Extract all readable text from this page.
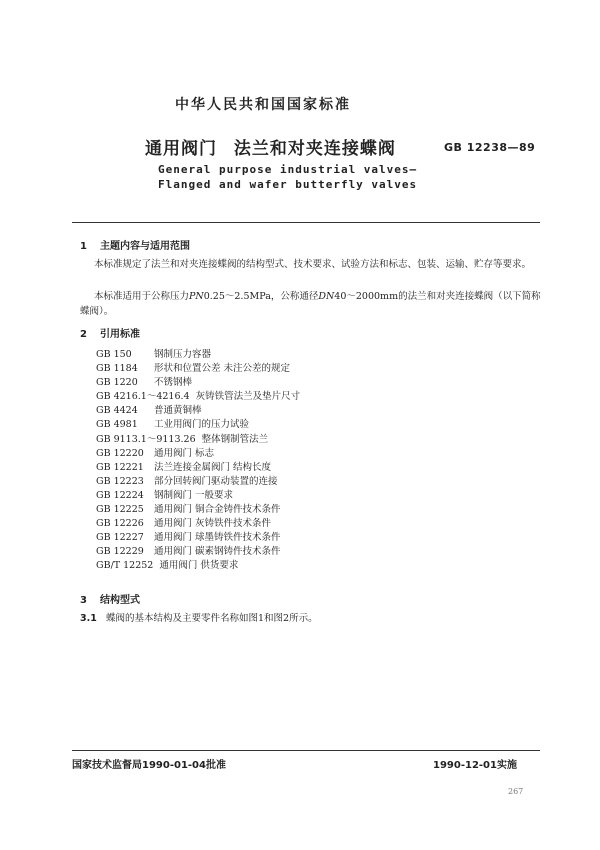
中华人民共和国国家标准
通用阀门 法兰和对夹连接蝶阀	GB 12238—89
General purpose industrial valves—
Flanged and wafer butterfly valves
1 主题内容与适用范围
本标准规定了法兰和对夹连接蝶阀的结构型式、技术要求、试验方法和标志、包装、运输、贮存等要求。
本标准适用于公称压力PN0.25～2.5MPa，公称通径DN40～2000mm的法兰和对夹连接蝶阀（以下简称蝶阀）。
2 引用标准
GB 150 钢制压力容器
GB 1184 形状和位置公差 未注公差的规定
GB 1220 不锈钢棒
GB 4216.1～4216.4 灰铸铁管法兰及垫片尺寸
GB 4424 普通黄铜棒
GB 4981 工业用阀门的压力试验
GB 9113.1～9113.26 整体钢制管法兰
GB 12220 通用阀门 标志
GB 12221 法兰连接金属阀门 结构长度
GB 12223 部分回转阀门驱动装置的连接
GB 12224 钢制阀门 一般要求
GB 12225 通用阀门 铜合金铸件技术条件
GB 12226 通用阀门 灰铸铁件技术条件
GB 12227 通用阀门 球墨铸铁件技术条件
GB 12229 通用阀门 碳素钢铸件技术条件
GB/T 12252 通用阀门 供货要求
3 结构型式
3.1 蝶阀的基本结构及主要零件名称如图1和图2所示。
国家技术监督局1990-01-04批准	1990-12-01实施
267
